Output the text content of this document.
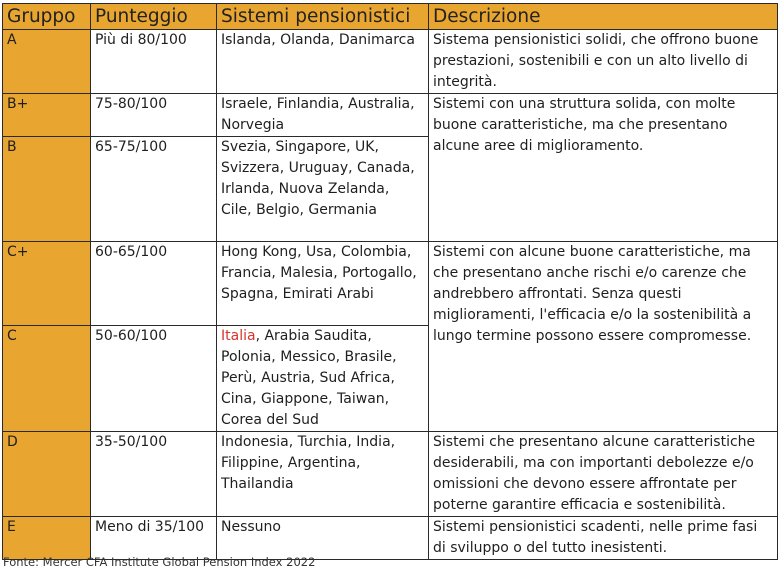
Gruppo	Punteggio	Sistemi pensionistici	Descrizione
A	Più di 80/100	Islanda, Olanda, Danimarca	Sistema pensionistici solidi, che offrono buone prestazioni, sostenibili e con un alto livello di integrità.
B+	75-80/100	Israele, Finlandia, Australia, Norvegia	Sistemi con una struttura solida, con molte buone caratteristiche, ma che presentano alcune aree di miglioramento.
B	65-75/100	Svezia, Singapore, UK, Svizzera, Uruguay, Canada, Irlanda, Nuova Zelanda, Cile, Belgio, Germania	
C+	60-65/100	Hong Kong, Usa, Colombia, Francia, Malesia, Portogallo, Spagna, Emirati Arabi	Sistemi con alcune buone caratteristiche, ma che presentano anche rischi e/o carenze che andrebbero affrontati. Senza questi miglioramenti, l'efficacia e/o la sostenibilità a lungo termine possono essere compromesse.
C	50-60/100	Italia, Arabia Saudita, Polonia, Messico, Brasile, Perù, Austria, Sud Africa, Cina, Giappone, Taiwan, Corea del Sud	
D	35-50/100	Indonesia, Turchia, India, Filippine, Argentina, Thailandia	Sistemi che presentano alcune caratteristiche desiderabili, ma con importanti debolezze e/o omissioni che devono essere affrontate per poterne garantire efficacia e sostenibilità.
E	Meno di 35/100	Nessuno	Sistemi pensionistici scadenti, nelle prime fasi di sviluppo o del tutto inesistenti.
Fonte: Mercer CFA Institute Global Pension Index 2022
